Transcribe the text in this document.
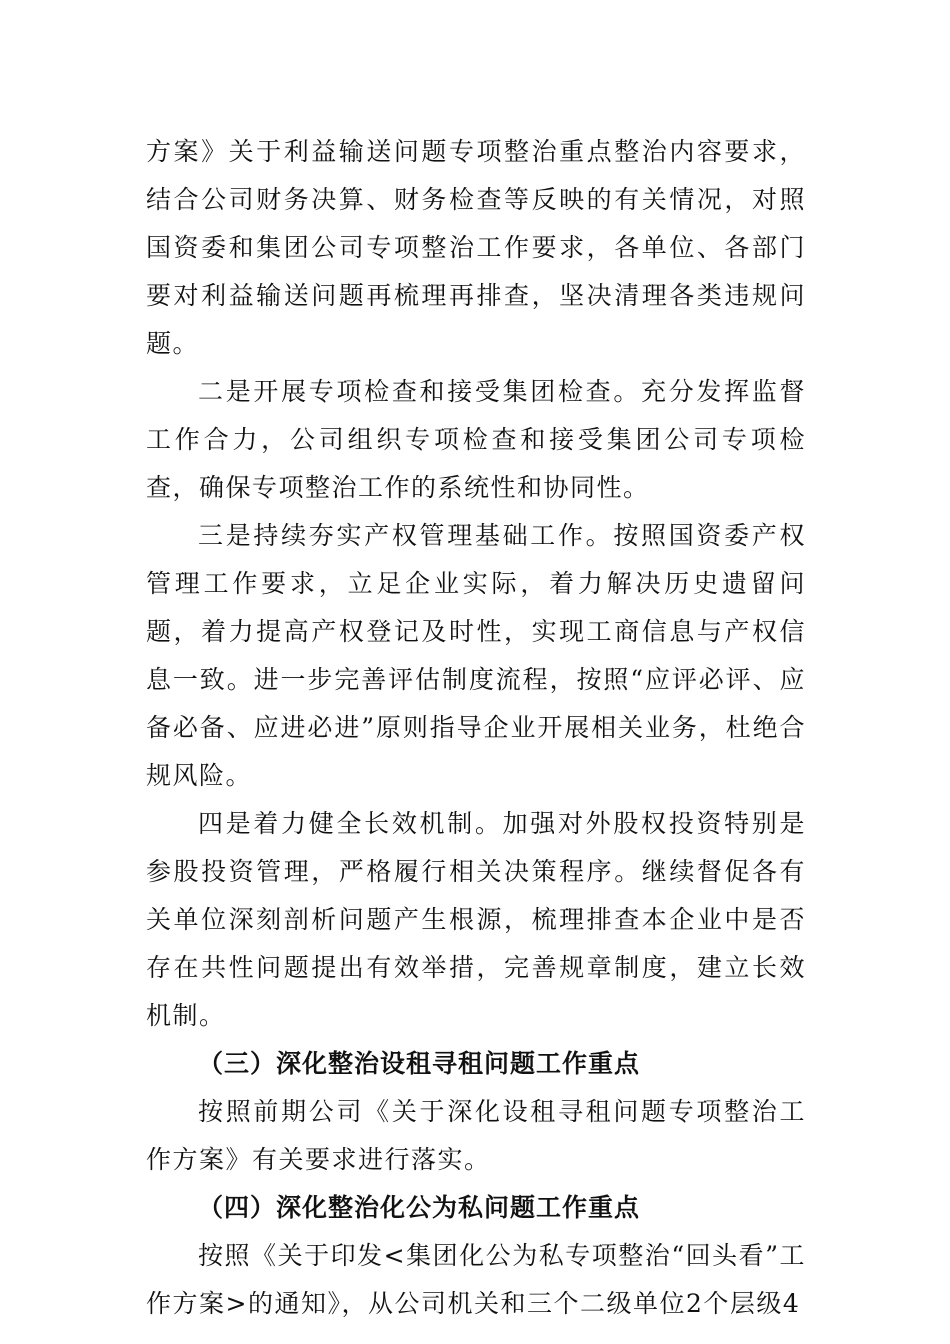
方案》关于利益输送问题专项整治重点整治内容要求，结合公司财务决算、财务检查等反映的有关情况，对照国资委和集团公司专项整治工作要求，各单位、各部门要对利益输送问题再梳理再排查，坚决清理各类违规问题。

二是开展专项检查和接受集团检查。充分发挥监督工作合力，公司组织专项检查和接受集团公司专项检查，确保专项整治工作的系统性和协同性。

三是持续夯实产权管理基础工作。按照国资委产权管理工作要求，立足企业实际，着力解决历史遗留问题，着力提高产权登记及时性，实现工商信息与产权信息一致。进一步完善评估制度流程，按照“应评必评、应备必备、应进必进”原则指导企业开展相关业务，杜绝合规风险。

四是着力健全长效机制。加强对外股权投资特别是参股投资管理，严格履行相关决策程序。继续督促各有关单位深刻剖析问题产生根源，梳理排查本企业中是否存在共性问题提出有效举措，完善规章制度，建立长效机制。

（三）深化整治设租寻租问题工作重点

按照前期公司《关于深化设租寻租问题专项整治工作方案》有关要求进行落实。

（四）深化整治化公为私问题工作重点

按照《关于印发<集团化公为私专项整治“回头看”工作方案>的通知》，从公司机关和三个二级单位2个层级4
